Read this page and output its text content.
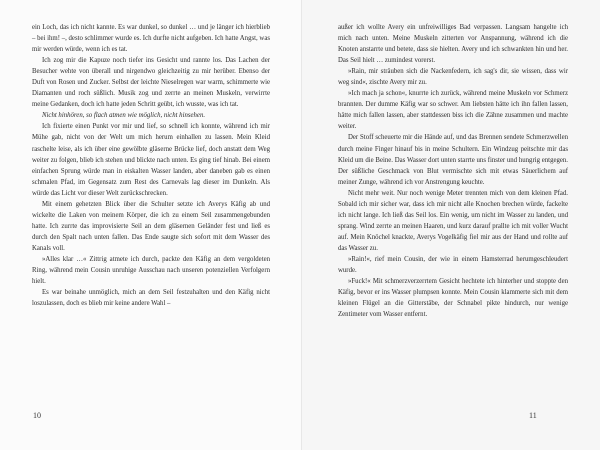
ein Loch, das ich nicht kannte. Es war dunkel, so dunkel … und je länger ich hierblieb – bei ihm! –, desto schlimmer wurde es. Ich durfte nicht aufgeben. Ich hatte Angst, was mir werden würde, wenn ich es tat.

Ich zog mir die Kapuze noch tiefer ins Gesicht und rannte los. Das Lachen der Besucher wehte von überall und nirgendwo gleichzeitig zu mir herüber. Ebenso der Duft von Rosen und Zucker. Selbst der leichte Nieselregen war warm, schimmerte wie Diamanten und roch süßlich. Musik zog und zerrte an meinen Muskeln, verwirrte meine Gedanken, doch ich hatte jeden Schritt geübt, ich wusste, was ich tat.

Nicht hinhören, so flach atmen wie möglich, nicht hinsehen.

Ich fixierte einen Punkt vor mir und lief, so schnell ich konnte, während ich mir Mühe gab, nicht von der Welt um mich herum einhallen zu lassen. Mein Kleid raschelte leise, als ich über eine gewölbte gläserne Brücke lief, doch anstatt dem Weg weiter zu folgen, blieb ich stehen und blickte nach unten. Es ging tief hinab. Bei einem einfachen Sprung würde man in eiskalten Wasser landen, aber daneben gab es einen schmalen Pfad, im Gegensatz zum Rest des Carnevals lag dieser im Dunkeln. Als würde das Licht vor dieser Welt zurückschrecken.

Mit einem gehetzten Blick über die Schulter setzte ich Averys Käfig ab und wickelte die Laken von meinem Körper, die ich zu einem Seil zusammengebunden hatte. Ich zurrte das improvisierte Seil an dem gläsernen Geländer fest und ließ es durch den Spalt nach unten fallen. Das Ende saugte sich sofort mit dem Wasser des Kanals voll.

»Alles klar …« Zittrig atmete ich durch, packte den Käfig an dem vergoldeten Ring, während mein Cousin unruhige Ausschau nach unseren potenziellen Verfolgern hielt.

Es war beinahe unmöglich, mich an dem Seil festzuhalten und den Käfig nicht loszulassen, doch es blieb mir keine andere Wahl –

10

außer ich wollte Avery ein unfreiwilliges Bad verpassen. Langsam hangelte ich mich nach unten. Meine Muskeln zitterten vor Anspannung, während ich die Knoten anstarrte und betete, dass sie hielten. Avery und ich schwankten hin und her. Das Seil hielt … zumindest vorerst.

»Rain, mir sträuben sich die Nackenfedern, ich sag's dir, sie wissen, dass wir weg sind«, zischte Avery mir zu.

»Ich mach ja schon«, knurrte ich zurück, während meine Muskeln vor Schmerz brannten. Der dumme Käfig war so schwer. Am liebsten hätte ich ihn fallen lassen, hätte mich fallen lassen, aber stattdessen biss ich die Zähne zusammen und machte weiter.

Der Stoff scheuerte mir die Hände auf, und das Brennen sendete Schmerzwellen durch meine Finger hinauf bis in meine Schultern. Ein Windzug peitschte mir das Kleid um die Beine. Das Wasser dort unten starrte uns finster und hungrig entgegen. Der süßliche Geschmack von Blut vermischte sich mit etwas Säuerlichem auf meiner Zunge, während ich vor Anstrengung keuchte.

Nicht mehr weit. Nur noch wenige Meter trennten mich von dem kleinen Pfad. Sobald ich mir sicher war, dass ich mir nicht alle Knochen brechen würde, fackelte ich nicht lange. Ich ließ das Seil los. Ein wenig, um nicht im Wasser zu landen, und sprang. Wind zerrte an meinen Haaren, und kurz darauf prallte ich mit voller Wucht auf. Mein Knöchel knackte, Averys Vogelkäfig fiel mir aus der Hand und rollte auf das Wasser zu.

»Rain!«, rief mein Cousin, der wie in einem Hamsterrad herumgeschleudert wurde.

»Fuck!« Mit schmerzverzerrtem Gesicht hechtete ich hinterher und stoppte den Käfig, bevor er ins Wasser plumpsen konnte. Mein Cousin klammerte sich mit dem kleinen Flügel an die Gitterstäbe, der Schnabel pikte hindurch, nur wenige Zentimeter vom Wasser entfernt.

11
